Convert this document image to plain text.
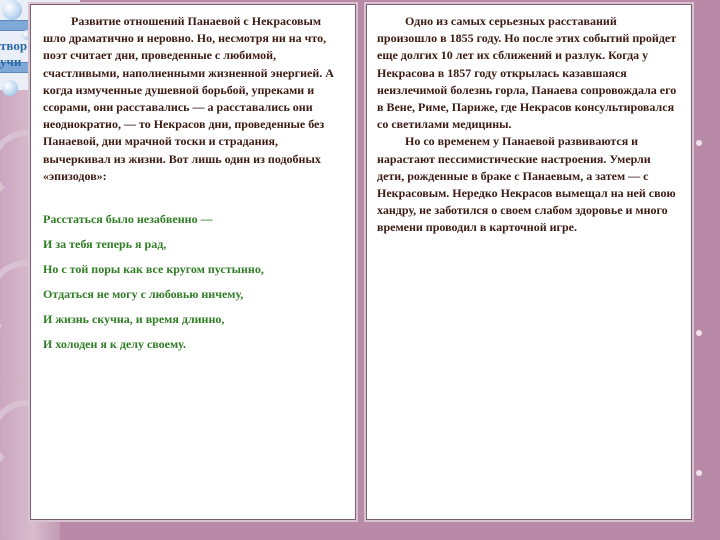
твор
учи

Развитие отношений Панаевой с Некрасовым шло драматично и неровно. Но, несмотря ни на что, поэт считает дни, проведенные с любимой, счастливыми, наполненными жизненной энергией. А когда измученные душевной борьбой, упреками и ссорами, они расставались — а расставались они неоднократно, — то Некрасов дни, проведенные без Панаевой, дни мрачной тоски и страдания, вычеркивал из жизни. Вот лишь один из подобных «эпизодов»:

Расстаться было незабвенно —
И за тебя теперь я рад,
Но с той поры как все кругом пустынно,
Отдаться не могу с любовью ничему,
И жизнь скучна, и время длинно,
И холоден я к делу своему.

Одно из самых серьезных расставаний произошло в 1855 году. Но после этих событий пройдет еще долгих 10 лет их сближений и разлук. Когда у Некрасова в 1857 году открылась казавшаяся неизлечимой болезнь горла, Панаева сопровождала его в Вене, Риме, Париже, где Некрасов консультировался со светилами медицины.

Но со временем у Панаевой развиваются и нарастают пессимистические настроения. Умерли дети, рожденные в браке с Панаевым, а затем — с Некрасовым. Нередко Некрасов вымещал на ней свою хандру, не заботился о своем слабом здоровье и много времени проводил в карточной игре.
